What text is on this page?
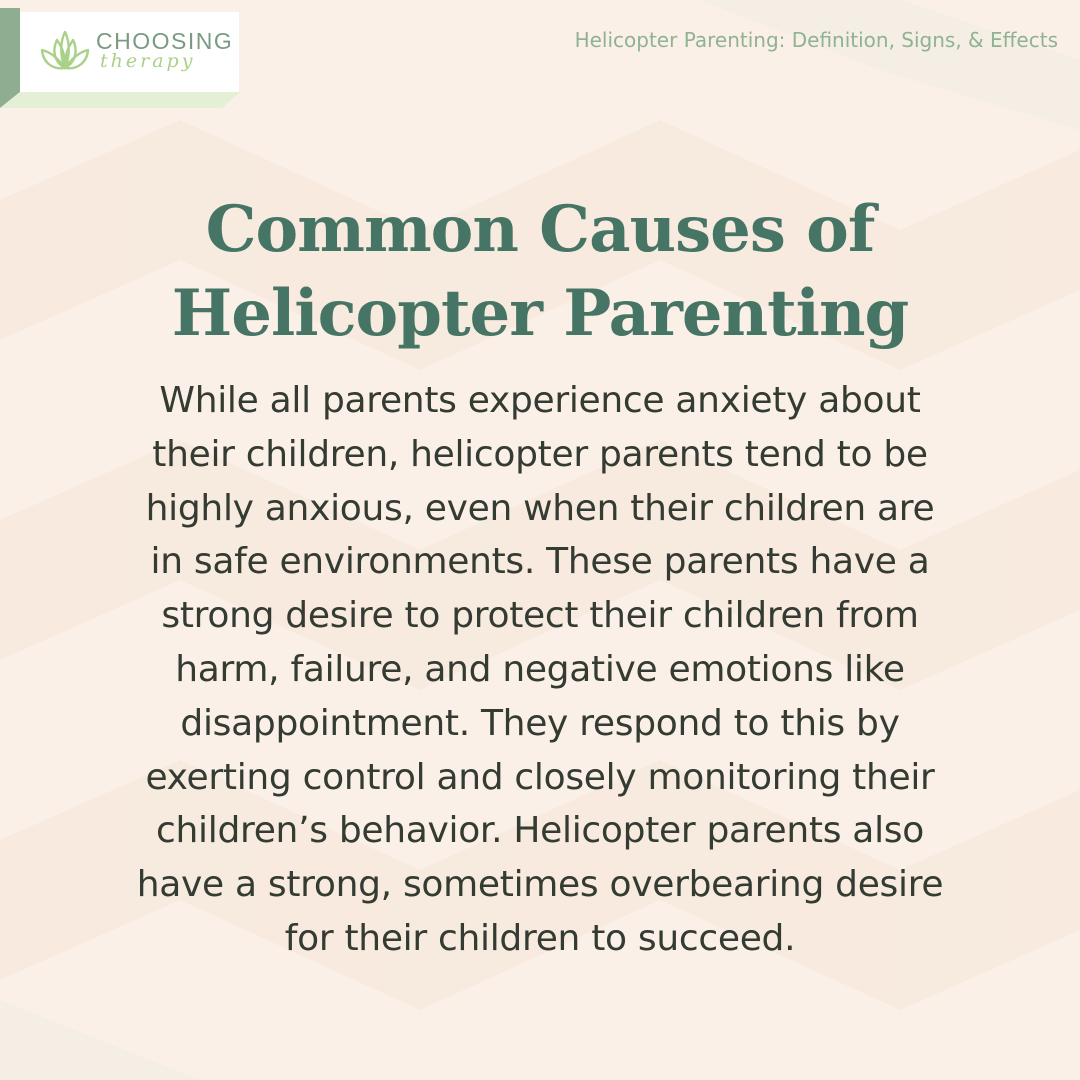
CHOOSING
therapy
Helicopter Parenting: Definition, Signs, & Effects
Common Causes of
Helicopter Parenting

While all parents experience anxiety about
their children, helicopter parents tend to be
highly anxious, even when their children are
in safe environments. These parents have a
strong desire to protect their children from
harm, failure, and negative emotions like
disappointment. They respond to this by
exerting control and closely monitoring their
children’s behavior. Helicopter parents also
have a strong, sometimes overbearing desire
for their children to succeed.
